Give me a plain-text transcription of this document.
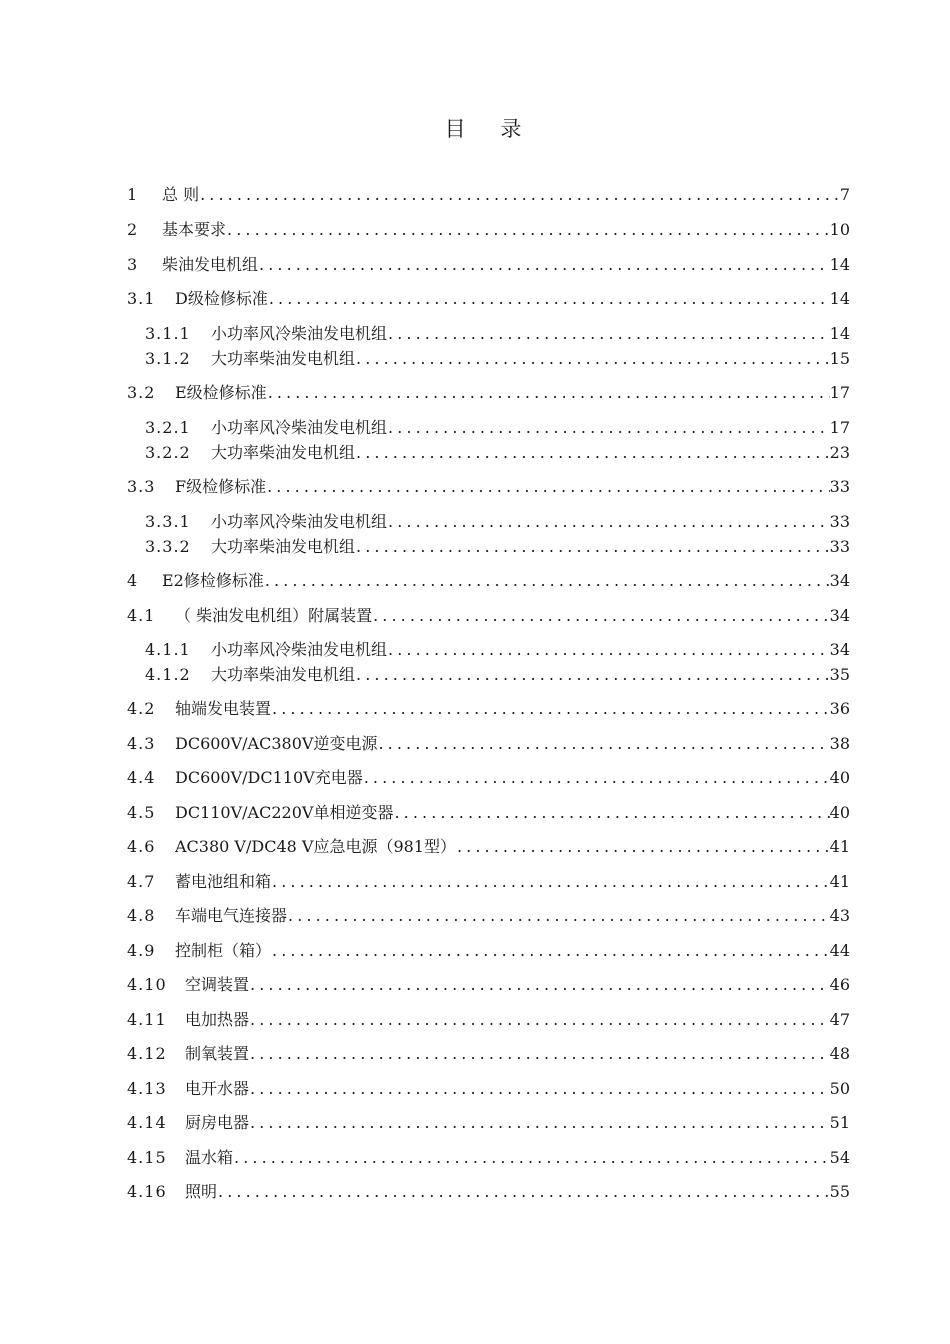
目 录
1 总 则 .....	7
2 基本要求 .....	10
3 柴油发电机组 .....	14
3.1 D级检修标准 .....	14
3.1.1 小功率风冷柴油发电机组 .....	14
3.1.2 大功率柴油发电机组 .....	15
3.2 E级检修标准 .....	17
3.2.1 小功率风冷柴油发电机组 .....	17
3.2.2 大功率柴油发电机组 .....	23
3.3 F级检修标准 .....	33
3.3.1 小功率风冷柴油发电机组 .....	33
3.3.2 大功率柴油发电机组 .....	33
4 E2修检修标准 .....	34
4.1 （ 柴油发电机组）附属装置 .....	34
4.1.1 小功率风冷柴油发电机组 .....	34
4.1.2 大功率柴油发电机组 .....	35
4.2 轴端发电装置 .....	36
4.3 DC600V/AC380V逆变电源 .....	38
4.4 DC600V/DC110V充电器 .....	40
4.5 DC110V/AC220V单相逆变器 .....	40
4.6 AC380 V/DC48 V应急电源（981型） .....	41
4.7 蓄电池组和箱 .....	41
4.8 车端电气连接器 .....	43
4.9 控制柜（箱） .....	44
4.10 空调装置 .....	46
4.11 电加热器 .....	47
4.12 制氧装置 .....	48
4.13 电开水器 .....	50
4.14 厨房电器 .....	51
4.15 温水箱 .....	54
4.16 照明 .....	55
